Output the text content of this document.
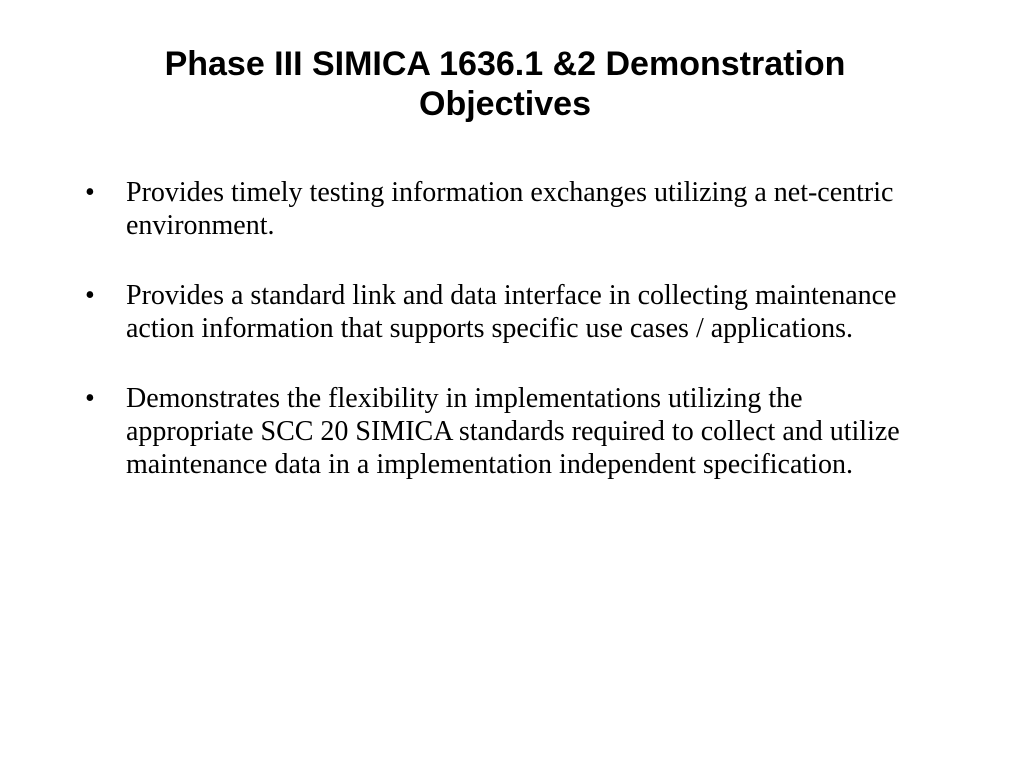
Phase III SIMICA 1636.1 &2 Demonstration Objectives
• Provides timely testing information exchanges utilizing a net-centric environment.
• Provides a standard link and data interface in collecting maintenance action information that supports specific use cases / applications.
• Demonstrates the flexibility in implementations utilizing the appropriate SCC 20 SIMICA standards required to collect and utilize maintenance data in a implementation independent specification.
